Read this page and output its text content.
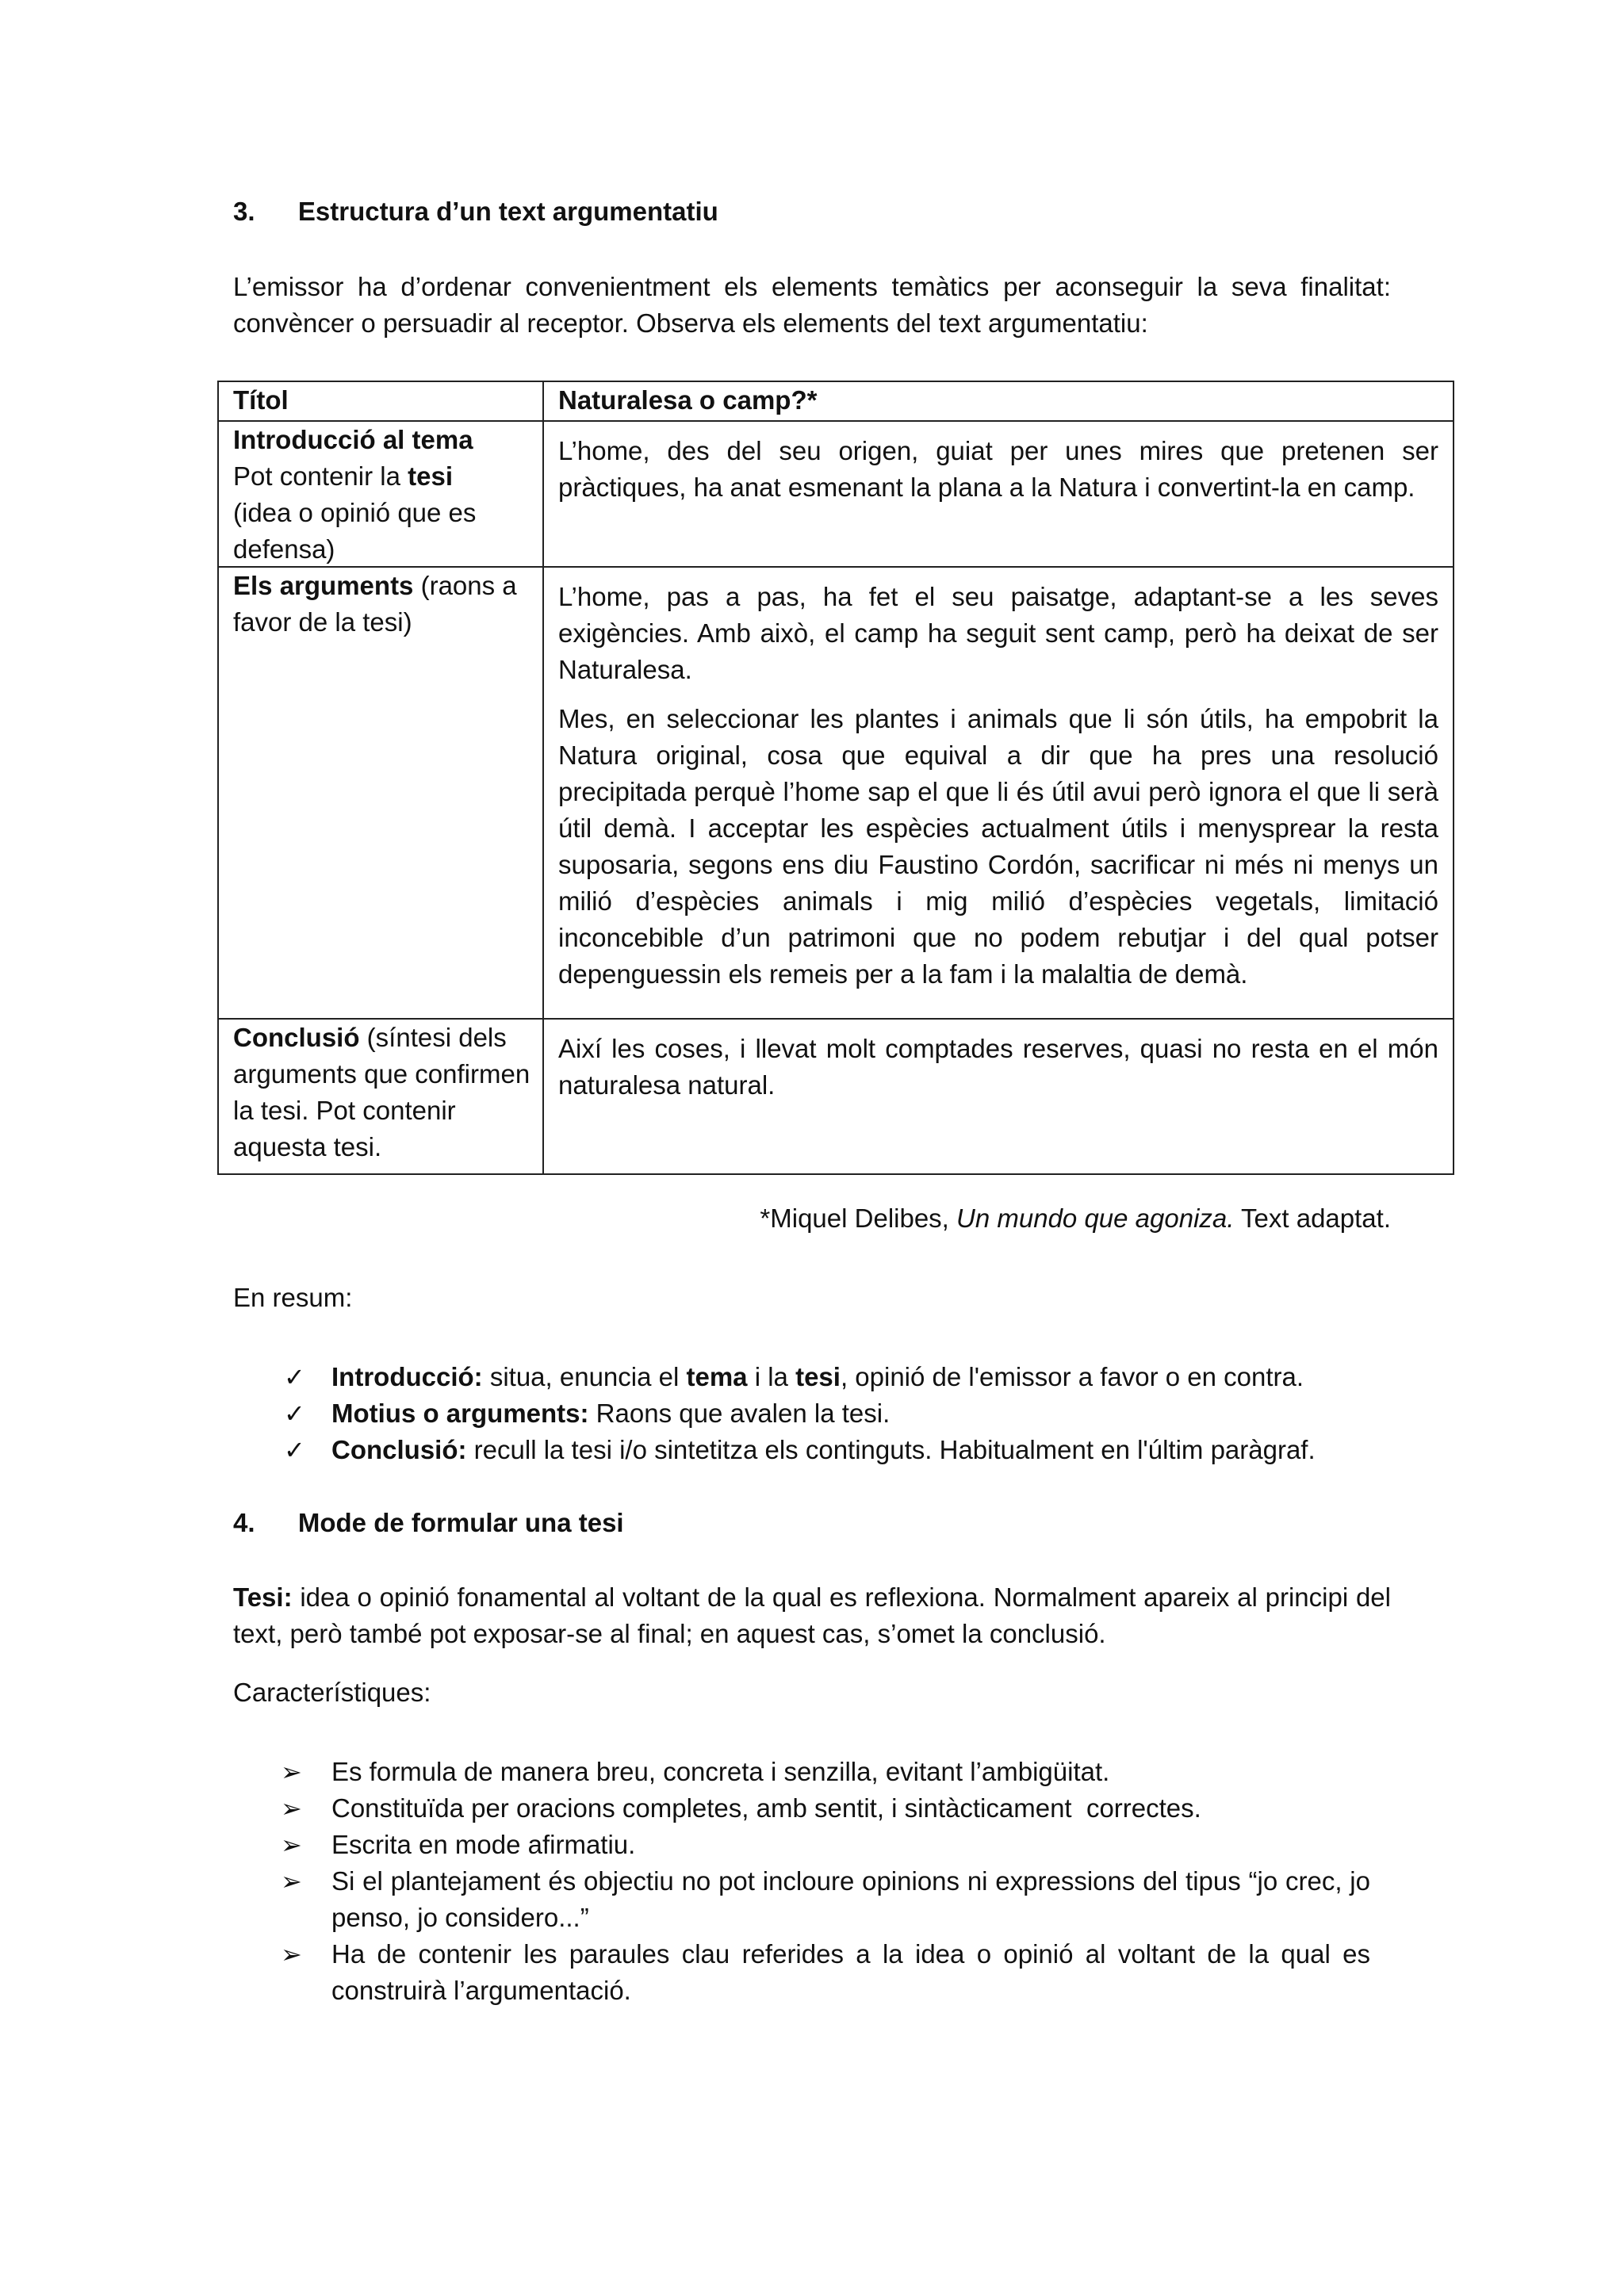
3. Estructura d’un text argumentatiu
L’emissor ha d’ordenar convenientment els elements temàtics per aconseguir la seva finalitat: convèncer o persuadir al receptor. Observa els elements del text argumentatiu:
Títol	Naturalesa o camp?*
Introducció al tema
Pot contenir la tesi
(idea o opinió que es defensa)
L’home, des del seu origen, guiat per unes mires que pretenen ser pràctiques, ha anat esmenant la plana a la Natura i convertint-la en camp.
Els arguments (raons a favor de la tesi)
L’home, pas a pas, ha fet el seu paisatge, adaptant-se a les seves exigències. Amb això, el camp ha seguit sent camp, però ha deixat de ser Naturalesa.
Mes, en seleccionar les plantes i animals que li són útils, ha empobrit la Natura original, cosa que equival a dir que ha pres una resolució precipitada perquè l’home sap el que li és útil avui però ignora el que li serà útil demà. I acceptar les espècies actualment útils i menysprear la resta suposaria, segons ens diu Faustino Cordón, sacrificar ni més ni menys un milió d’espècies animals i mig milió d’espècies vegetals, limitació inconcebible d’un patrimoni que no podem rebutjar i del qual potser depenguessin els remeis per a la fam i la malaltia de demà.
Conclusió (síntesi dels arguments que confirmen la tesi. Pot contenir aquesta tesi.
Així les coses, i llevat molt comptades reserves, quasi no resta en el món naturalesa natural.
*Miquel Delibes, Un mundo que agoniza. Text adaptat.
En resum:
✓ Introducció: situa, enuncia el tema i la tesi, opinió de l'emissor a favor o en contra.
✓ Motius o arguments: Raons que avalen la tesi.
✓ Conclusió: recull la tesi i/o sintetitza els continguts. Habitualment en l'últim paràgraf.
4. Mode de formular una tesi
Tesi: idea o opinió fonamental al voltant de la qual es reflexiona. Normalment apareix al principi del text, però també pot exposar-se al final; en aquest cas, s’omet la conclusió.
Característiques:
➢ Es formula de manera breu, concreta i senzilla, evitant l’ambigüitat.
➢ Constituïda per oracions completes, amb sentit, i sintàcticament  correctes.
➢ Escrita en mode afirmatiu.
➢ Si el plantejament és objectiu no pot incloure opinions ni expressions del tipus “jo crec, jo penso, jo considero...”
➢ Ha de contenir les paraules clau referides a la idea o opinió al voltant de la qual es construirà l’argumentació.
